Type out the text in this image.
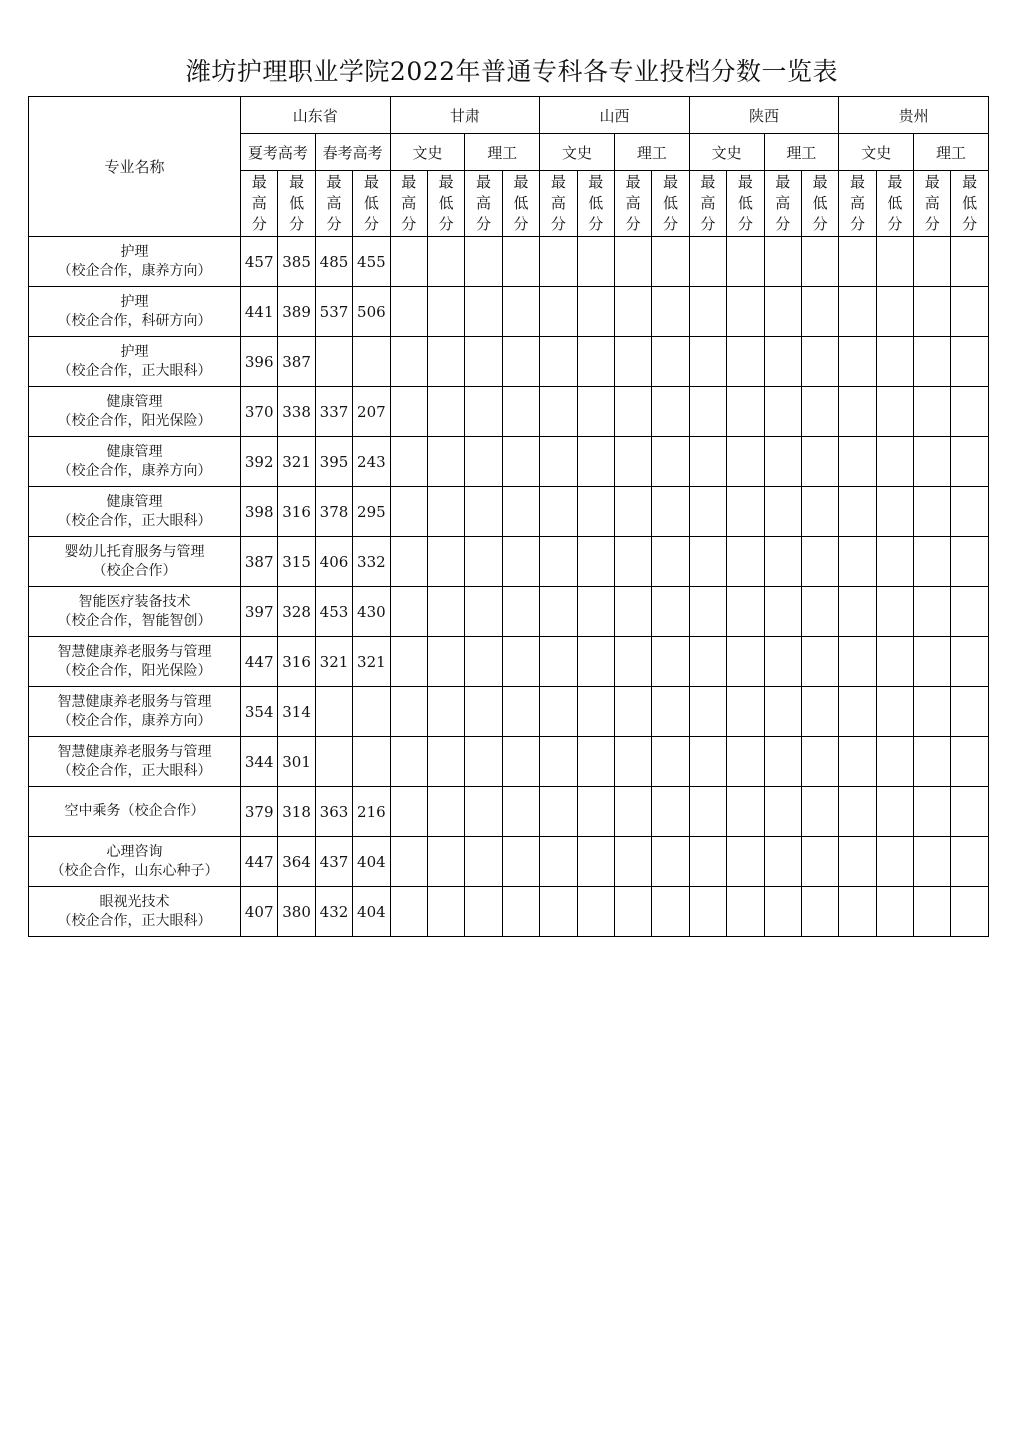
潍坊护理职业学院2022年普通专科各专业投档分数一览表
专业名称	山东省				甘肃				山西				陕西				贵州			
	夏考高考		春考高考		文史		理工		文史		理工		文史		理工		文史		理工	

	最
高
分	最
低
分	最
高
分	最
低
分	最
高
分	最
低
分	最
高
分	最
低
分	最
高
分	最
低
分	最
高
分	最
低
分	最
高
分	最
低
分	最
高
分	最
低
分	最
高
分	最
低
分	最
高
分	最
低
分

护理
（校企合作，康养方向）	457	385	485	455																

护理
（校企合作，科研方向）	441	389	537	506																

护理
（校企合作，正大眼科）	396	387																		

健康管理
（校企合作，阳光保险）	370	338	337	207																

健康管理
（校企合作，康养方向）	392	321	395	243																

健康管理
（校企合作，正大眼科）	398	316	378	295																

婴幼儿托育服务与管理
（校企合作）	387	315	406	332																

智能医疗装备技术
（校企合作，智能智创）	397	328	453	430																

智慧健康养老服务与管理
（校企合作，阳光保险）	447	316	321	321																

智慧健康养老服务与管理
（校企合作，康养方向）	354	314																		

智慧健康养老服务与管理
（校企合作，正大眼科）	344	301																		

空中乘务（校企合作）	379	318	363	216																

心理咨询
（校企合作，山东心种子）	447	364	437	404																

眼视光技术
（校企合作，正大眼科）	407	380	432	404																
